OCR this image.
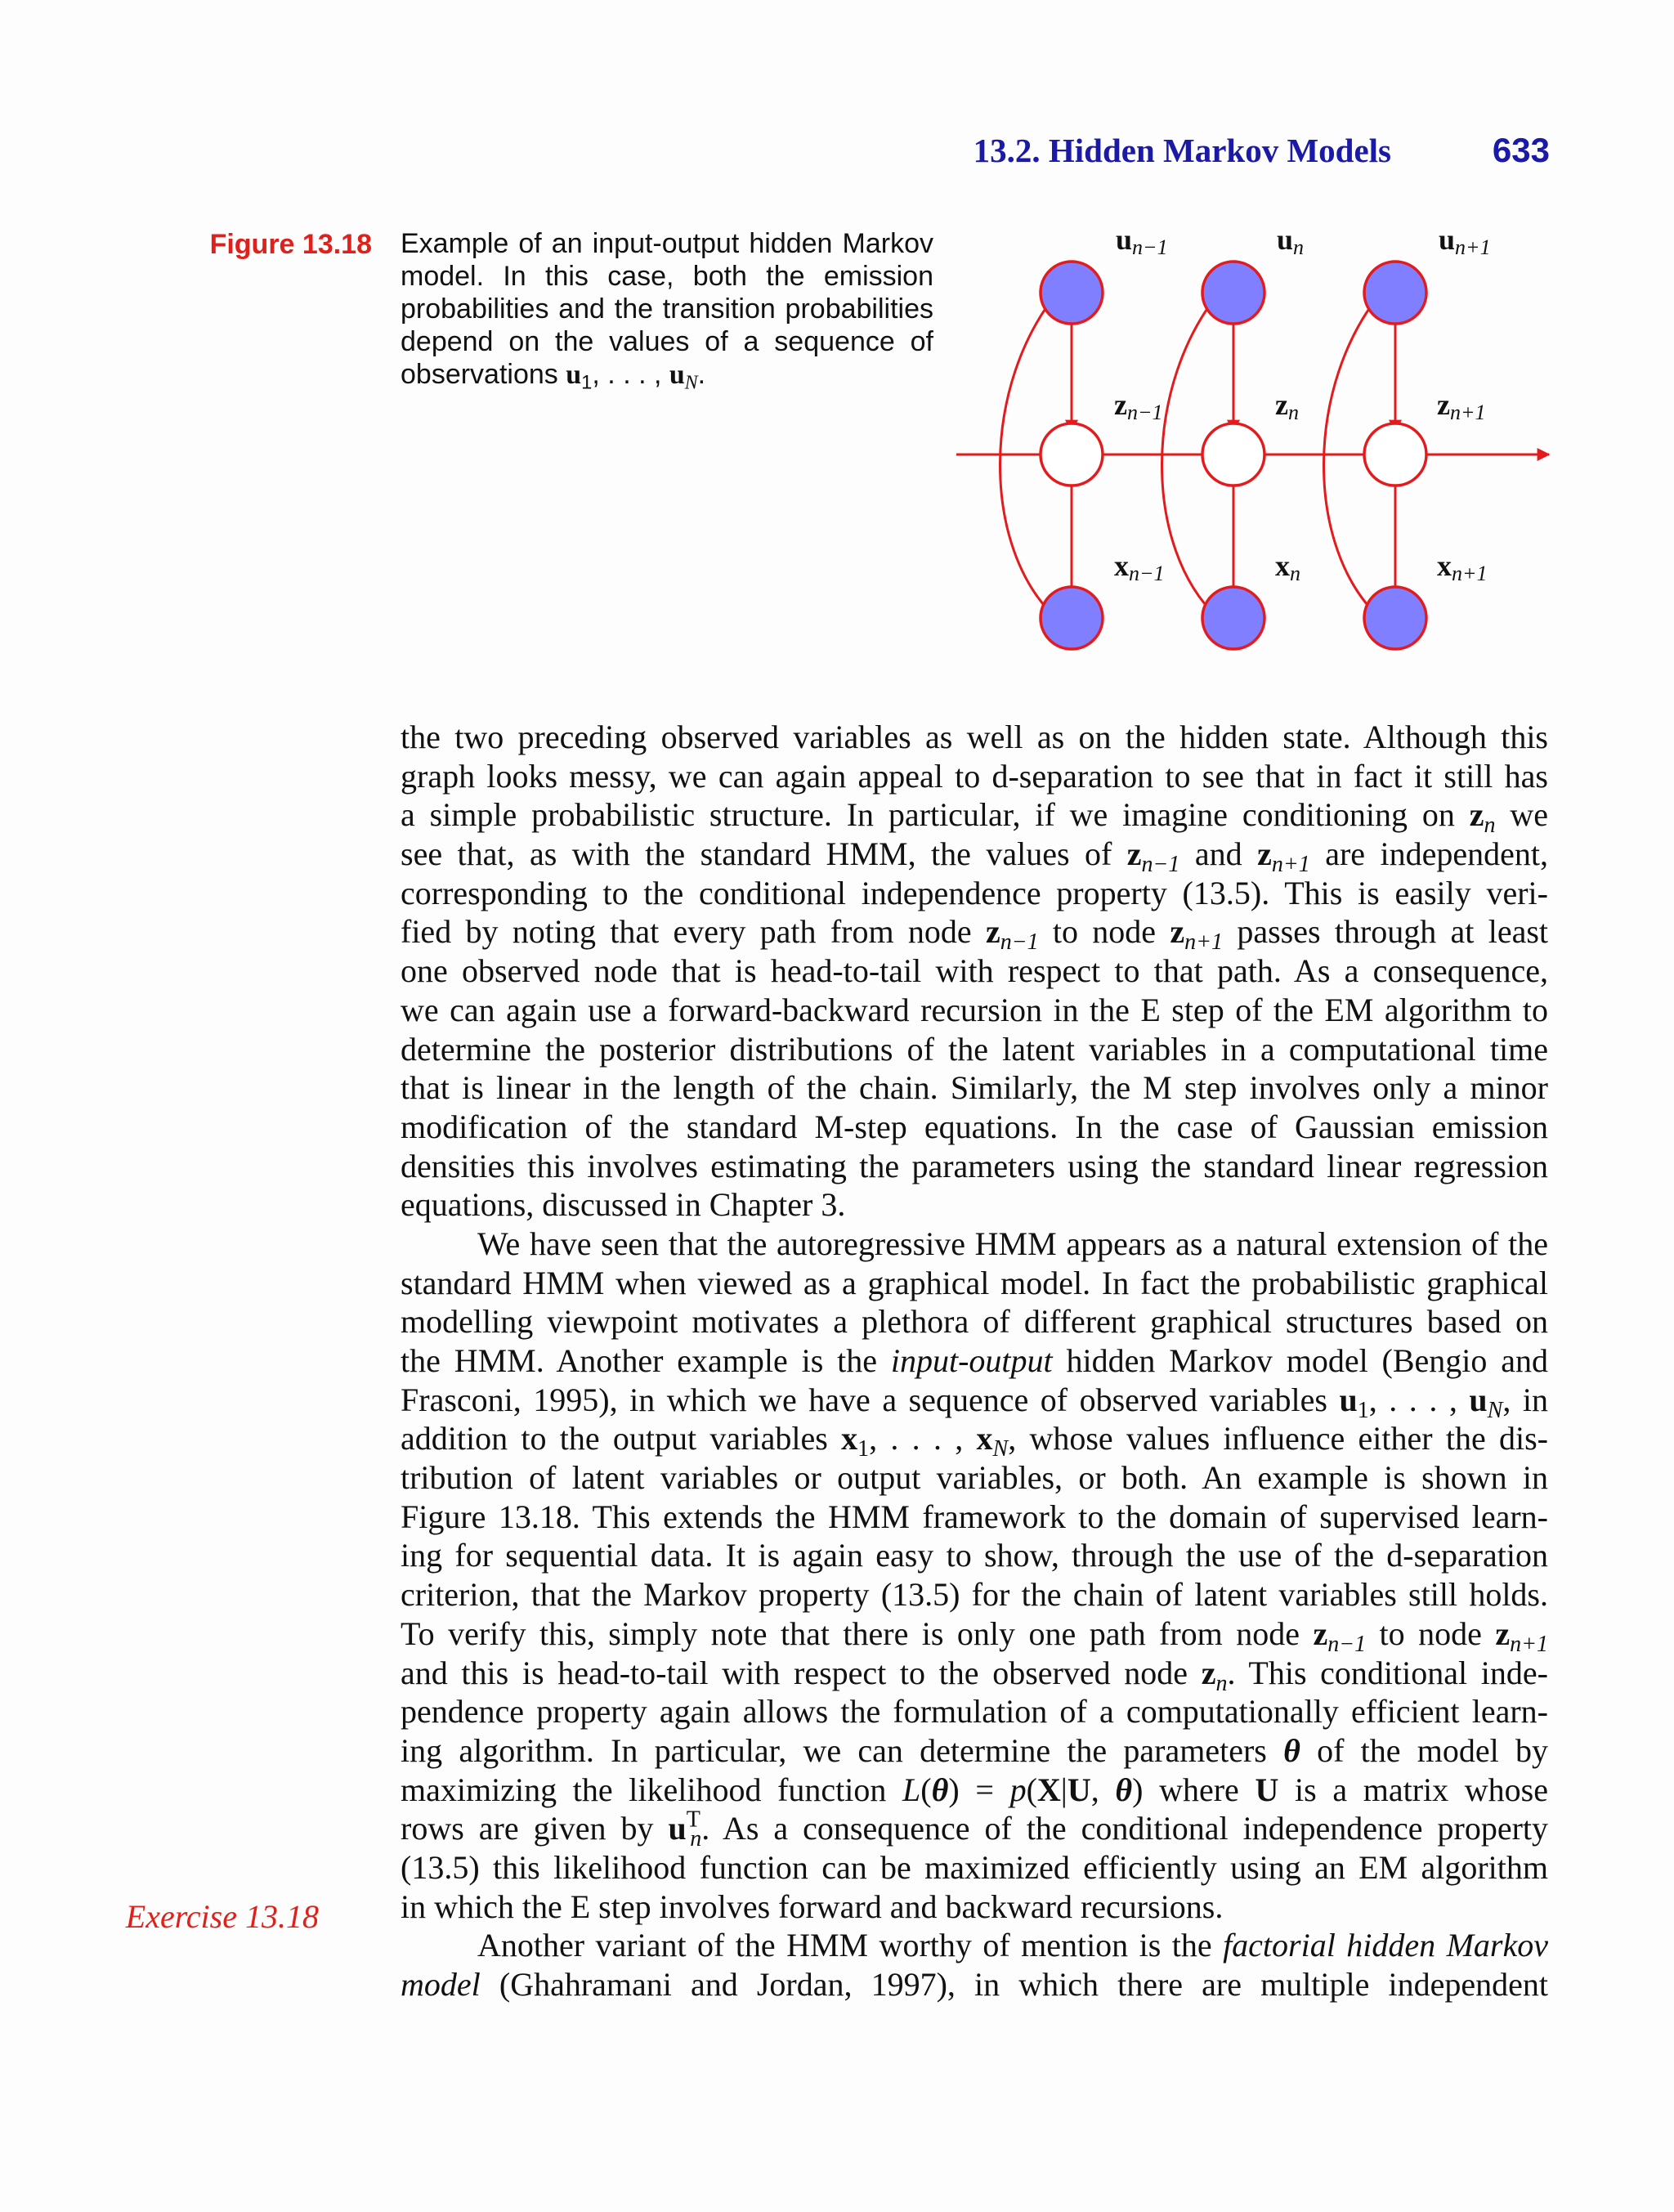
13.2. Hidden Markov Models	633
Figure 13.18 Example of an input-output hidden Markov model. In this case, both the emission probabilities and the transition probabilities depend on the values of a sequence of observations $u_1$, . . . , $u_N$.
un−1	un	un+1
zn−1	zn	zn+1
xn−1	xn	xn+1
the two preceding observed variables as well as on the hidden state. Although this
graph looks messy, we can again appeal to d-separation to see that in fact it still has
a simple probabilistic structure. In particular, if we imagine conditioning on $z_n$ we
see that, as with the standard HMM, the values of $z_{n-1}$ and $z_{n+1}$ are independent,
corresponding to the conditional independence property (13.5). This is easily veri-
fied by noting that every path from node $z_{n-1}$ to node $z_{n+1}$ passes through at least
one observed node that is head-to-tail with respect to that path. As a consequence,
we can again use a forward-backward recursion in the E step of the EM algorithm to
determine the posterior distributions of the latent variables in a computational time
that is linear in the length of the chain. Similarly, the M step involves only a minor
modification of the standard M-step equations. In the case of Gaussian emission
densities this involves estimating the parameters using the standard linear regression
equations, discussed in Chapter 3.
We have seen that the autoregressive HMM appears as a natural extension of the
standard HMM when viewed as a graphical model. In fact the probabilistic graphical
modelling viewpoint motivates a plethora of different graphical structures based on
the HMM. Another example is the input-output hidden Markov model (Bengio and
Frasconi, 1995), in which we have a sequence of observed variables $u_1$, . . . , $u_N$, in
addition to the output variables $x_1$, . . . , $x_N$, whose values influence either the dis-
tribution of latent variables or output variables, or both. An example is shown in
Figure 13.18. This extends the HMM framework to the domain of supervised learn-
ing for sequential data. It is again easy to show, through the use of the d-separation
criterion, that the Markov property (13.5) for the chain of latent variables still holds.
To verify this, simply note that there is only one path from node $z_{n-1}$ to node $z_{n+1}$
and this is head-to-tail with respect to the observed node $z_n$. This conditional inde-
pendence property again allows the formulation of a computationally efficient learn-
ing algorithm. In particular, we can determine the parameters θ of the model by
maximizing the likelihood function L(θ) = p(X|U, θ) where U is a matrix whose
rows are given by $u^T_n$. As a consequence of the conditional independence property
(13.5) this likelihood function can be maximized efficiently using an EM algorithm
in which the E step involves forward and backward recursions.
Another variant of the HMM worthy of mention is the factorial hidden Markov
model (Ghahramani and Jordan, 1997), in which there are multiple independent
Exercise 13.18
